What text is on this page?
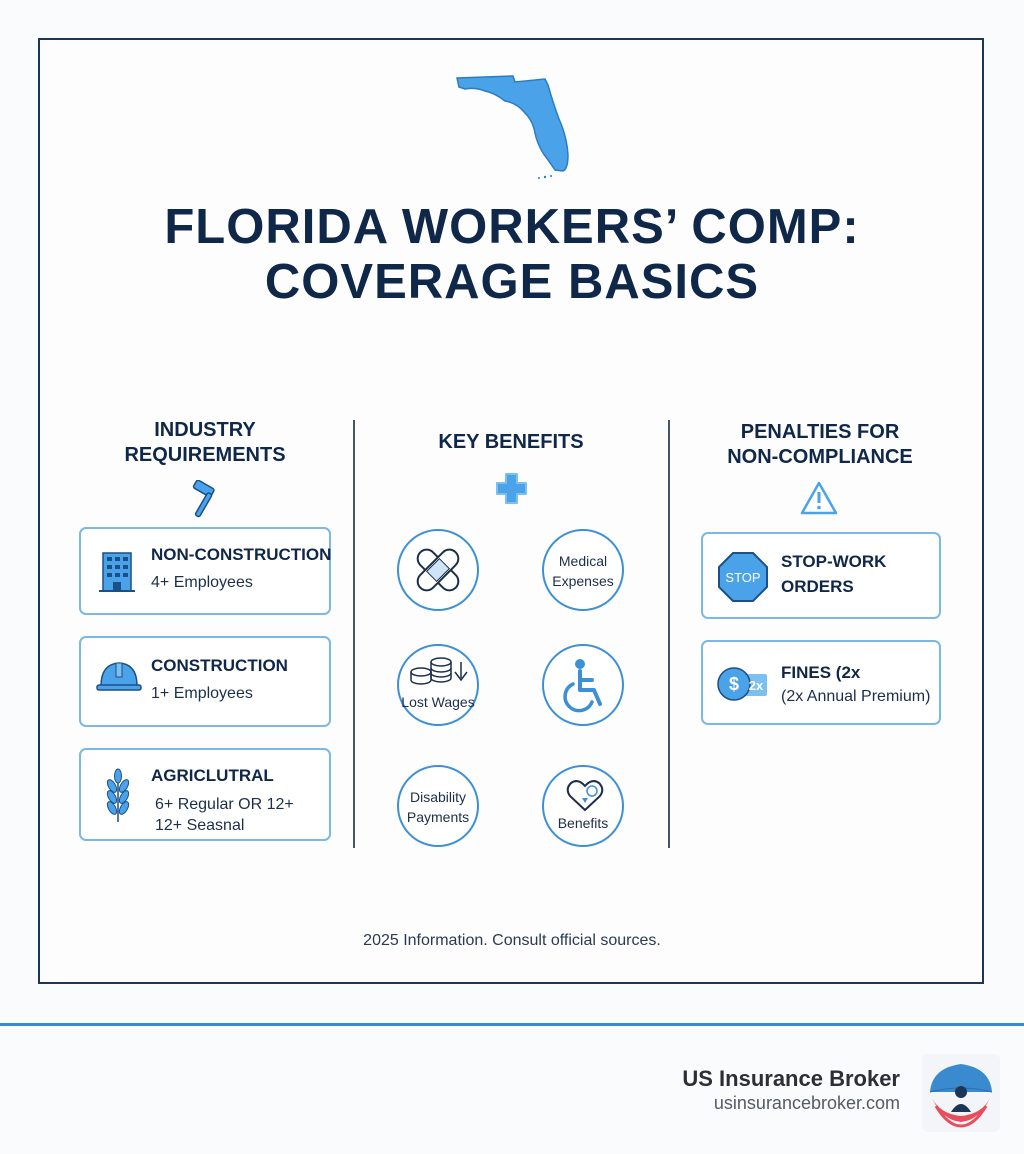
FLORIDA WORKERS’ COMP:
COVERAGE BASICS
INDUSTRY
REQUIREMENTS
NON-CONSTRUCTION
4+ Employees
CONSTRUCTION
1+ Employees
AGRICLUTRAL
6+ Regular OR 12+
12+ Seasnal
KEY BENEFITS
Medical
Expenses
Lost Wages
Disability
Payments	Benefits
PENALTIES FOR
NON-COMPLIANCE
STOP
STOP-WORK
ORDERS
$ 2x
FINES (2x
(2x Annual Premium)
2025 Information. Consult official sources.
US Insurance Broker
usinsurancebroker.com
